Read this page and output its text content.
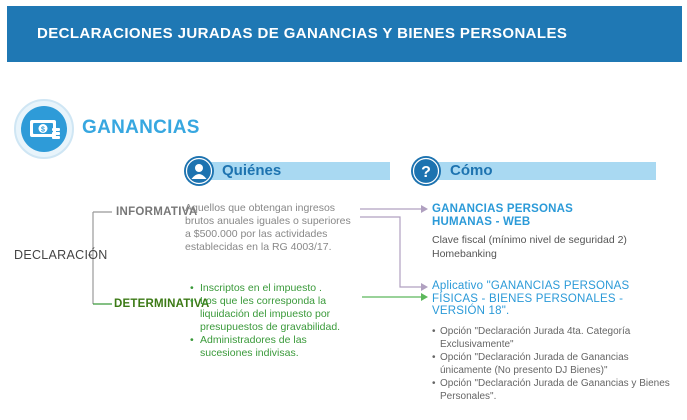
DECLARACIONES JURADAS DE GANANCIAS Y BIENES PERSONALES
$ GANANCIAS
Quiénes	? Cómo
DECLARACIÓN
INFORMATIVA
DETERMINATIVA
Aquellos que obtengan ingresos brutos anuales iguales o superiores a $500.000 por las actividades establecidas en la RG 4003/17.
• Inscriptos en el impuesto .
• Los que les corresponda la liquidación del impuesto por presupuestos de gravabilidad.
• Administradores de las sucesiones indivisas.
GANANCIAS PERSONAS HUMANAS - WEB
Clave fiscal (mínimo nivel de seguridad 2)
Homebanking
Aplicativo "GANANCIAS PERSONAS FÍSICAS - BIENES PERSONALES - VERSIÓN 18".
• Opción "Declaración Jurada 4ta. Categoría Exclusivamente"
• Opción "Declaración Jurada de Ganancias únicamente (No presento DJ Bienes)"
• Opción "Declaración Jurada de Ganancias y Bienes Personales".
